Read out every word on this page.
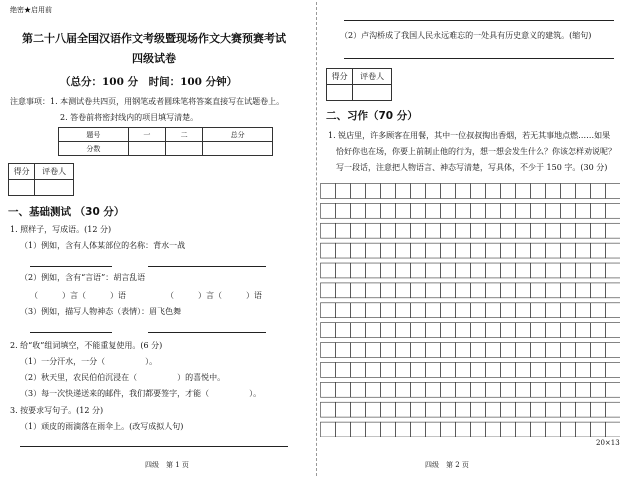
绝密★启用前
第二十八届全国汉语作文考级暨现场作文大赛预赛考试
四级试卷
（总分：100 分　时间：100 分钟）
注意事项：1. 本测试卷共四页，用钢笔或者圆珠笔将答案直接写在试题卷上。
2. 答卷前将密封线内的项目填写清楚。
题号	一	二	总分
分数			
得分	评卷人

一、基础测试 （30 分）
1. 照样子，写成语。(12 分)
（1）例如，含有人体某部位的名称：背水一战
（2）例如，含有“言语”：胡言乱语
（　　　）言（　　　）语	（　　　）言（　　　）语
（3）例如，描写人物神态（表情）：眉飞色舞
2. 给“收”组词填空，不能重复使用。(6 分)
（1）一分汗水，一分（　　　　　）。
（2）秋天里，农民伯伯沉浸在（　　　　　）的喜悦中。
（3）每一次快递送来的邮件，我们都要签字，才能（　　　　　）。
3. 按要求写句子。(12 分)
（1）顽皮的雨滴落在雨伞上。(改写成拟人句)
四级　第 1 页
（2）卢沟桥成了我国人民永远难忘的一处具有历史意义的建筑。(缩句)
得分	评卷人

二、习作（70 分）
1. 锐店里，许多顾客在用餐，其中一位叔叔掏出香烟，若无其事地点燃……如果
恰好你也在场，你要上前制止他的行为，想一想会发生什么？你该怎样劝说呢？
写一段话，注意把人物语言、神态写清楚，写具体，不少于 150 字。(30 分)
20×13
四级　第 2 页
